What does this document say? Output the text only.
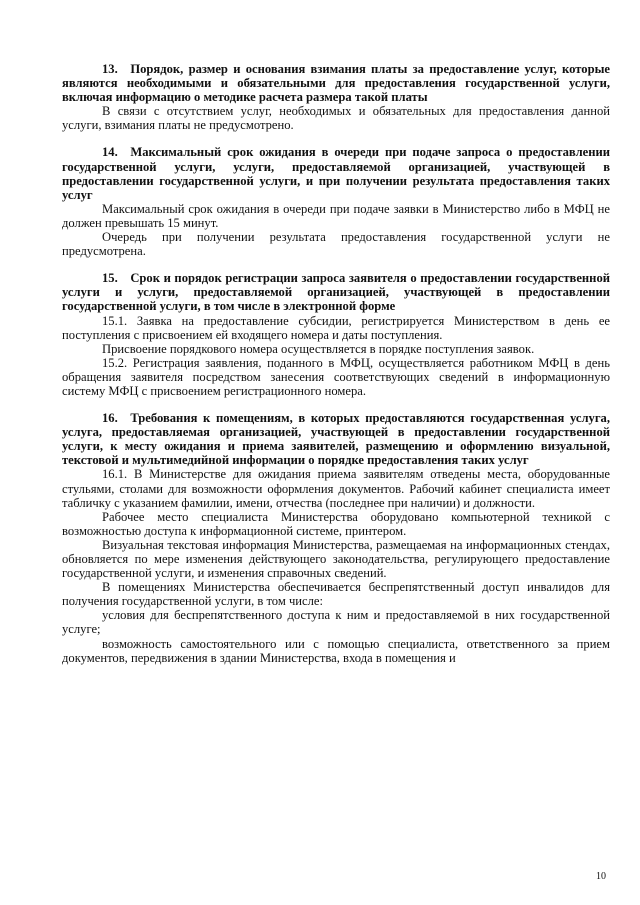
13. Порядок, размер и основания взимания платы за предоставление услуг, которые являются необходимыми и обязательными для предоставления государственной услуги, включая информацию о методике расчета размера такой платы

В связи с отсутствием услуг, необходимых и обязательных для предоставления данной услуги, взимания платы не предусмотрено.

14. Максимальный срок ожидания в очереди при подаче запроса о предоставлении государственной услуги, услуги, предоставляемой организацией, участвующей в предоставлении государственной услуги, и при получении результата предоставления таких услуг

Максимальный срок ожидания в очереди при подаче заявки в Министерство либо в МФЦ не должен превышать 15 минут.

Очередь при получении результата предоставления государственной услуги не предусмотрена.

15. Срок и порядок регистрации запроса заявителя о предоставлении государственной услуги и услуги, предоставляемой организацией, участвующей в предоставлении государственной услуги, в том числе в электронной форме

15.1. Заявка на предоставление субсидии, регистрируется Министерством в день ее поступления с присвоением ей входящего номера и даты поступления.

Присвоение порядкового номера осуществляется в порядке поступления заявок.

15.2. Регистрация заявления, поданного в МФЦ, осуществляется работником МФЦ в день обращения заявителя посредством занесения соответствующих сведений в информационную систему МФЦ с присвоением регистрационного номера.

16. Требования к помещениям, в которых предоставляются государственная услуга, услуга, предоставляемая организацией, участвующей в предоставлении государственной услуги, к месту ожидания и приема заявителей, размещению и оформлению визуальной, текстовой и мультимедийной информации о порядке предоставления таких услуг

16.1. В Министерстве для ожидания приема заявителям отведены места, оборудованные стульями, столами для возможности оформления документов. Рабочий кабинет специалиста имеет табличку с указанием фамилии, имени, отчества (последнее при наличии) и должности.

Рабочее место специалиста Министерства оборудовано компьютерной техникой с возможностью доступа к информационной системе, принтером.

Визуальная текстовая информация Министерства, размещаемая на информационных стендах, обновляется по мере изменения действующего законодательства, регулирующего предоставление государственной услуги, и изменения справочных сведений.

В помещениях Министерства обеспечивается беспрепятственный доступ инвалидов для получения государственной услуги, в том числе:

условия для беспрепятственного доступа к ним и предоставляемой в них государственной услуге;

возможность самостоятельного или с помощью специалиста, ответственного за прием документов, передвижения в здании Министерства, входа в помещения и

10
